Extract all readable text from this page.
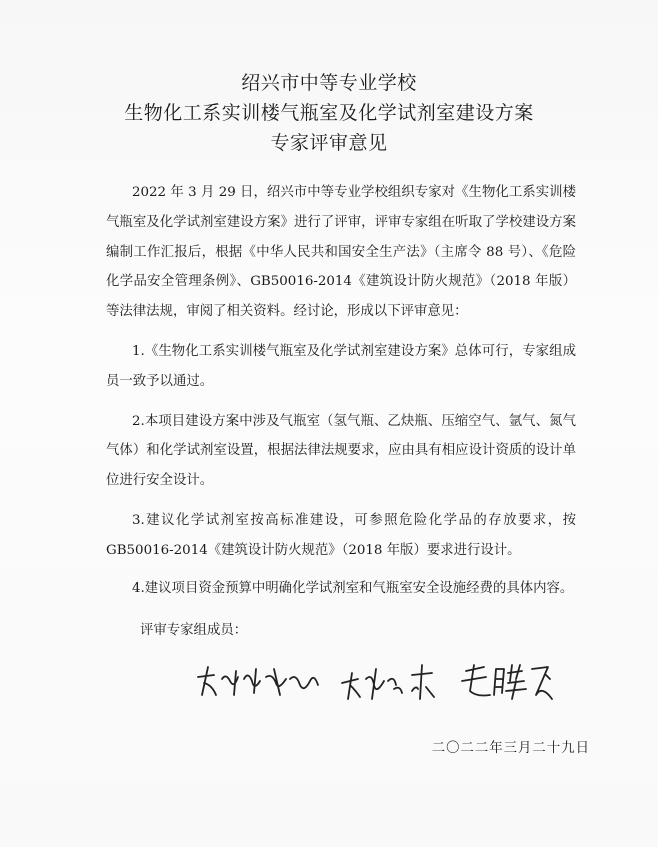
绍兴市中等专业学校
生物化工系实训楼气瓶室及化学试剂室建设方案
专家评审意见

2022 年 3 月 29 日，绍兴市中等专业学校组织专家对《生物化工系实训楼气瓶室及化学试剂室建设方案》进行了评审，评审专家组在听取了学校建设方案编制工作汇报后，根据《中华人民共和国安全生产法》（主席令 88 号）、《危险化学品安全管理条例》、GB50016-2014《建筑设计防火规范》（2018 年版）等法律法规，审阅了相关资料。经讨论，形成以下评审意见：

1.《生物化工系实训楼气瓶室及化学试剂室建设方案》总体可行，专家组成员一致予以通过。

2.本项目建设方案中涉及气瓶室（氢气瓶、乙炔瓶、压缩空气、氩气、氮气气体）和化学试剂室设置，根据法律法规要求，应由具有相应设计资质的设计单位进行安全设计。

3.建议化学试剂室按高标准建设，可参照危险化学品的存放要求，按 GB50016-2014《建筑设计防火规范》（2018 年版）要求进行设计。

4.建议项目资金预算中明确化学试剂室和气瓶室安全设施经费的具体内容。

评审专家组成员：
二〇二二年三月二十九日
